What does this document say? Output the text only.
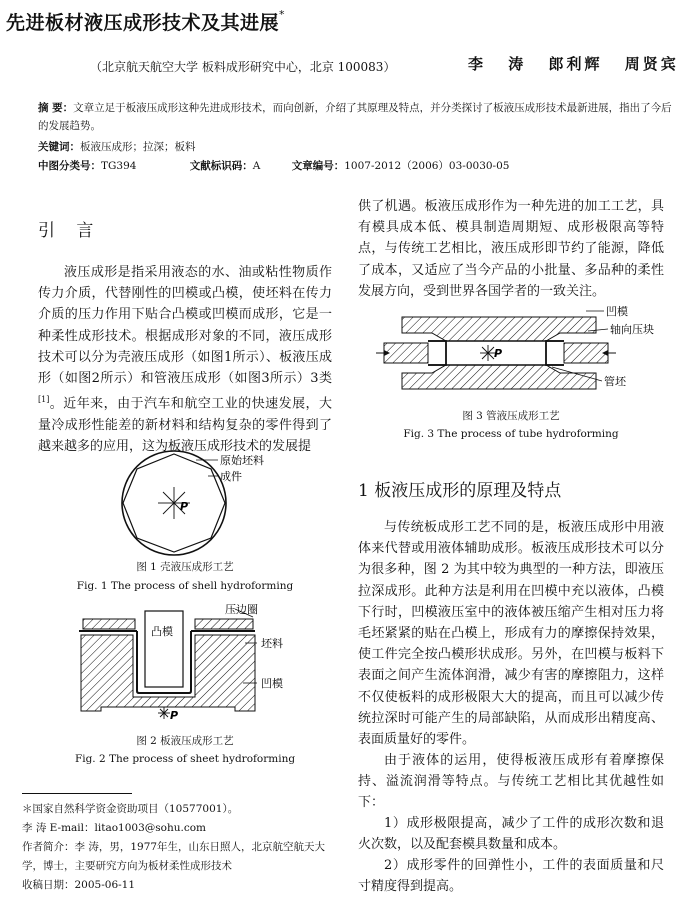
先进板材液压成形技术及其进展*
（北京航天航空大学 板料成形研究中心，北京 100083）	李 涛 郎利辉 周贤宾
摘 要：文章立足于板液压成形这种先进成形技术，而向创新，介绍了其原理及特点，并分类探讨了板液压成形技术最新进展，指出了今后的发展趋势。
关键词：板液压成形；拉深；板料
中图分类号：TG394	文献标识码：A	文章编号：1007-2012（2006）03-0030-05
引 言
液压成形是指采用液态的水、油或粘性物质作传力介质，代替刚性的凹模或凸模，使坯料在传力介质的压力作用下贴合凸模或凹模而成形，它是一种柔性成形技术。根据成形对象的不同，液压成形技术可以分为壳液压成形（如图1所示）、板液压成形（如图2所示）和管液压成形（如图3所示）3类[1]。近年来，由于汽车和航空工业的快速发展，大量冷成形性能差的新材料和结构复杂的零件得到了越来越多的应用，这为板液压成形技术的发展提
P
原始坯料
成件
图 1 壳液压成形工艺
Fig. 1 The process of shell hydroforming
P
压边圈
凸模
坯料
凹模
图 2 板液压成形工艺
Fig. 2 The process of sheet hydroforming
＊国家自然科学资金资助项目（10577001）。
李 涛 E-mail：litao1003@sohu.com
作者简介：李 涛，男，1977年生，山东日照人，北京航空航天大学，博士，主要研究方向为板材柔性成形技术
收稿日期：2005-06-11
供了机遇。板液压成形作为一种先进的加工工艺，具有模具成本低、模具制造周期短、成形极限高等特点，与传统工艺相比，液压成形即节约了能源，降低了成本，又适应了当今产品的小批量、多品种的柔性发展方向，受到世界各国学者的一致关注。
P
凹模
轴向压块
管坯
图 3 管液压成形工艺
Fig. 3 The process of tube hydroforming
1 板液压成形的原理及特点
与传统板成形工艺不同的是，板液压成形中用液体来代替或用液体辅助成形。板液压成形技术可以分为很多种，图 2 为其中较为典型的一种方法，即液压拉深成形。此种方法是利用在凹模中充以液体，凸模下行时，凹模液压室中的液体被压缩产生相对压力将毛坯紧紧的贴在凸模上，形成有力的摩擦保持效果，使工件完全按凸模形状成形。另外，在凹模与板料下表面之间产生流体润滑，减少有害的摩擦阻力，这样不仅使板料的成形极限大大的提高，而且可以减少传统拉深时可能产生的局部缺陷，从而成形出精度高、表面质量好的零件。
由于液体的运用，使得板液压成形有着摩擦保持、溢流润滑等特点。与传统工艺相比其优越性如下：
1）成形极限提高，减少了工件的成形次数和退火次数，以及配套模具数量和成本。
2）成形零件的回弹性小，工件的表面质量和尺寸精度得到提高。
